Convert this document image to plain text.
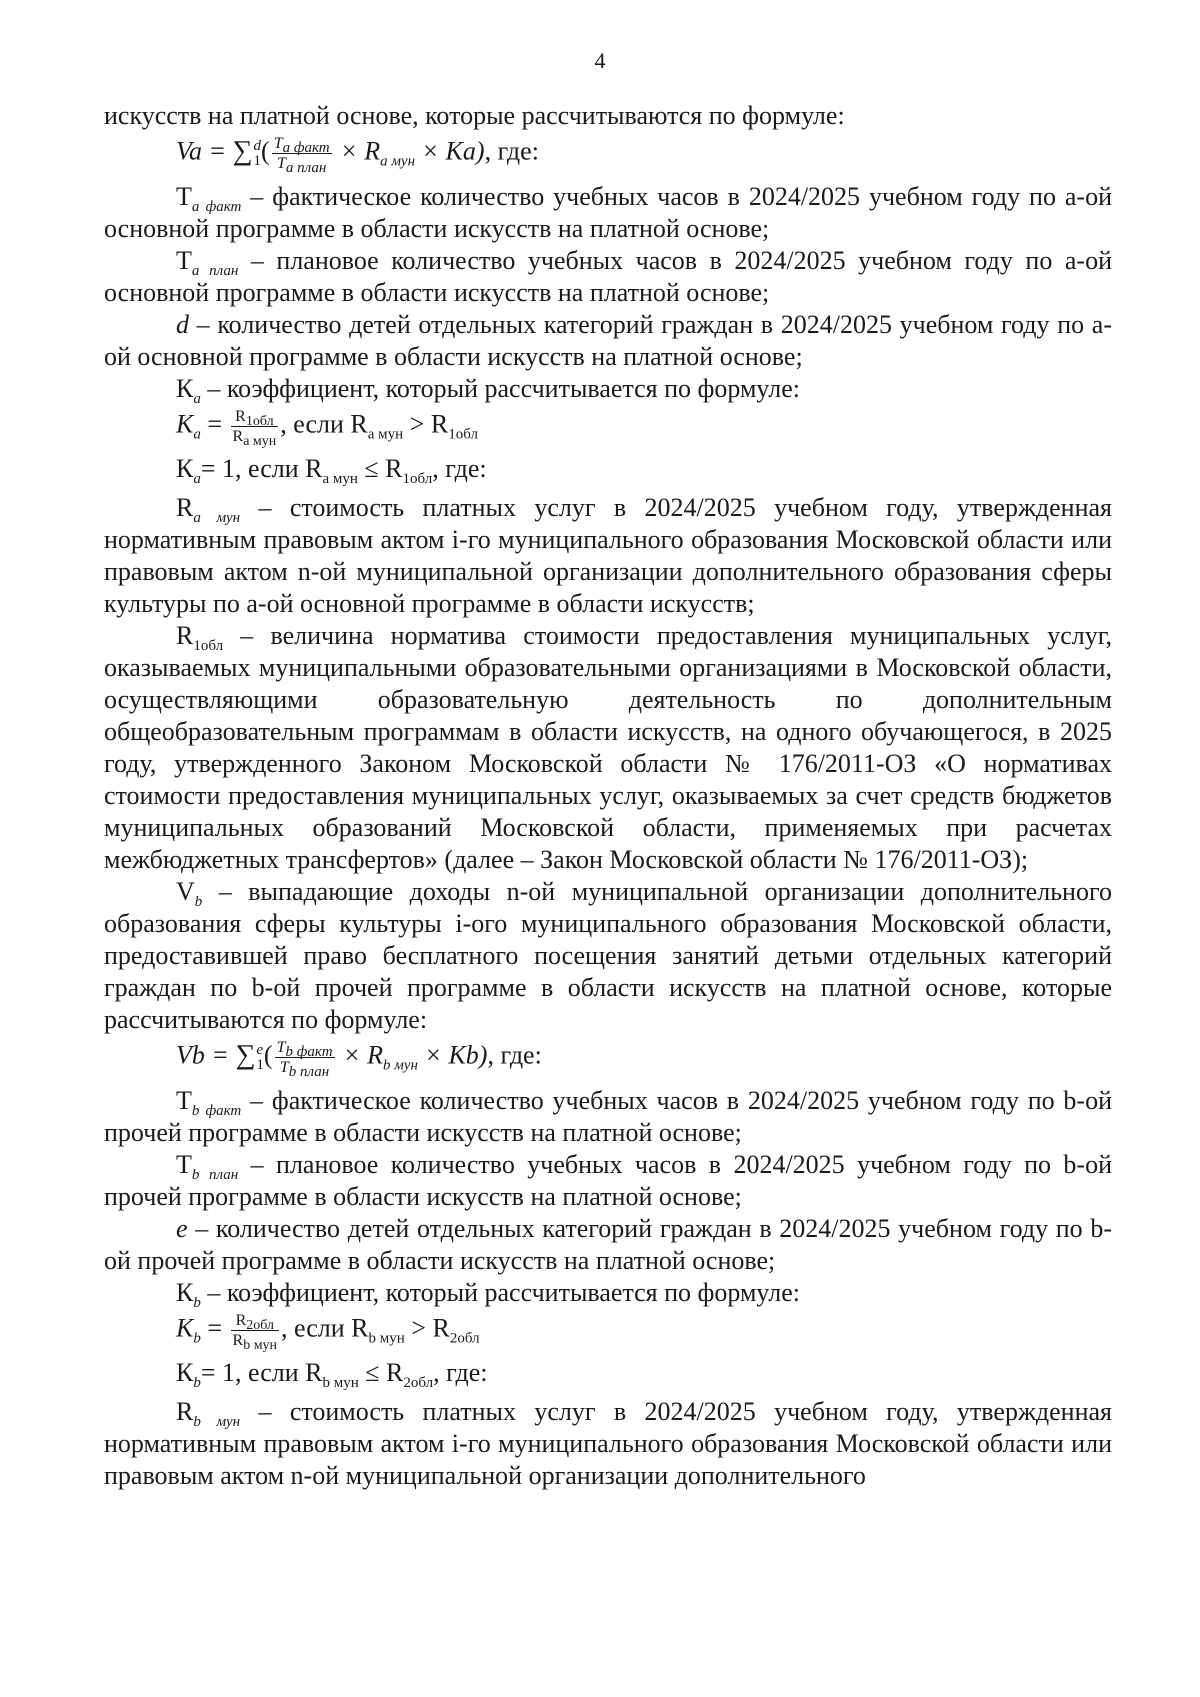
4

искусств на платной основе, которые рассчитываются по формуле:

Va = ∑ d
1 ( $\frac{T_{a факт}}{T_{a план}} \times R_{a мун} \times Ka$), где:

$Т_{а факт}$ – фактическое количество учебных часов в 2024/2025 учебном году по а-ой основной программе в области искусств на платной основе;

$Т_{а план}$ – плановое количество учебных часов в 2024/2025 учебном году по а-ой основной программе в области искусств на платной основе;

d – количество детей отдельных категорий граждан в 2024/2025 учебном году по а-ой основной программе в области искусств на платной основе;

$К_а$ – коэффициент, который рассчитывается по формуле:

$K_a = \frac{R_{1обл}}{R_{a мун}}$ , если $R_{а мун} > R_{1обл}$
$К_а= 1$, если $R_{а мун} \le R_{1обл}$, где:

$R_{а мун}$ – стоимость платных услуг в 2024/2025 учебном году, утвержденная нормативным правовым актом i-го муниципального образования Московской области или правовым актом n-ой муниципальной организации дополнительного образования сферы культуры по а-ой основной программе в области искусств;

$R_{1обл}$ – величина норматива стоимости предоставления муниципальных услуг, оказываемых муниципальными образовательными организациями в Московской области, осуществляющими образовательную деятельность по дополнительным общеобразовательным программам в области искусств, на одного обучающегося, в 2025 году, утвержденного Законом Московской области № 176/2011-ОЗ «О нормативах стоимости предоставления муниципальных услуг, оказываемых за счет средств бюджетов муниципальных образований Московской области, применяемых при расчетах межбюджетных трансфертов» (далее – Закон Московской области № 176/2011-ОЗ);

$V_b$ – выпадающие доходы n-ой муниципальной организации дополнительного образования сферы культуры i-ого муниципального образования Московской области, предоставившей право бесплатного посещения занятий детьми отдельных категорий граждан по b-ой прочей программе в области искусств на платной основе, которые рассчитываются по формуле:

Vb = ∑ e
1 ( $\frac{T_{b факт}}{T_{b план}} \times R_{b мун} \times Kb$), где:

$Т_{b факт}$ – фактическое количество учебных часов в 2024/2025 учебном году по b-ой прочей программе в области искусств на платной основе;

$Т_{b план}$ – плановое количество учебных часов в 2024/2025 учебном году по b-ой прочей программе в области искусств на платной основе;

e – количество детей отдельных категорий граждан в 2024/2025 учебном году по b-ой прочей программе в области искусств на платной основе;

$К_b$ – коэффициент, который рассчитывается по формуле:

$K_b = \frac{R_{2обл}}{R_{b мун}}$ , если $R_{b мун} > R_{2обл}$
$К_b= 1$, если $R_{b мун} \le R_{2обл}$, где:

$R_{b мун}$ – стоимость платных услуг в 2024/2025 учебном году, утвержденная нормативным правовым актом i-го муниципального образования Московской области или правовым актом n-ой муниципальной организации дополнительного
